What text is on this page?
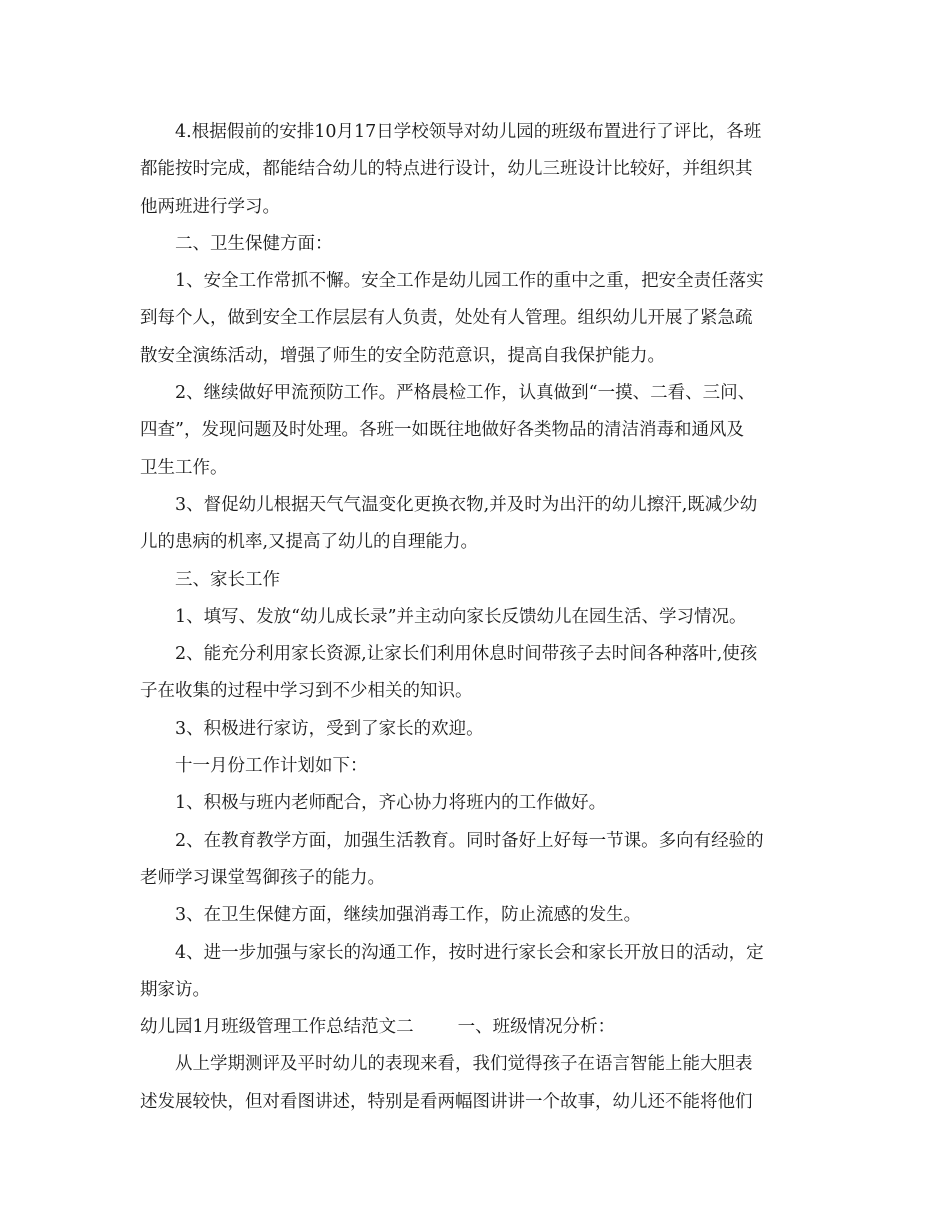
4.根据假前的安排10月17日学校领导对幼儿园的班级布置进行了评比，各班
都能按时完成，都能结合幼儿的特点进行设计，幼儿三班设计比较好，并组织其
他两班进行学习。
二、卫生保健方面：
1、安全工作常抓不懈。安全工作是幼儿园工作的重中之重，把安全责任落实
到每个人，做到安全工作层层有人负责，处处有人管理。组织幼儿开展了紧急疏
散安全演练活动，增强了师生的安全防范意识，提高自我保护能力。
2、继续做好甲流预防工作。严格晨检工作，认真做到“一摸、二看、三问、
四查”，发现问题及时处理。各班一如既往地做好各类物品的清洁消毒和通风及
卫生工作。
3、督促幼儿根据天气气温变化更换衣物,并及时为出汗的幼儿擦汗,既减少幼
儿的患病的机率,又提高了幼儿的自理能力。
三、家长工作
1、填写、发放“幼儿成长录”并主动向家长反馈幼儿在园生活、学习情况。
2、能充分利用家长资源,让家长们利用休息时间带孩子去时间各种落叶,使孩
子在收集的过程中学习到不少相关的知识。
3、积极进行家访，受到了家长的欢迎。
十一月份工作计划如下：
1、积极与班内老师配合，齐心协力将班内的工作做好。
2、在教育教学方面，加强生活教育。同时备好上好每一节课。多向有经验的
老师学习课堂驾御孩子的能力。
3、在卫生保健方面，继续加强消毒工作，防止流感的发生。
4、进一步加强与家长的沟通工作，按时进行家长会和家长开放日的活动，定
期家访。
幼儿园1月班级管理工作总结范文二	一、班级情况分析：
从上学期测评及平时幼儿的表现来看，我们觉得孩子在语言智能上能大胆表
述发展较快，但对看图讲述，特别是看两幅图讲讲一个故事，幼儿还不能将他们
